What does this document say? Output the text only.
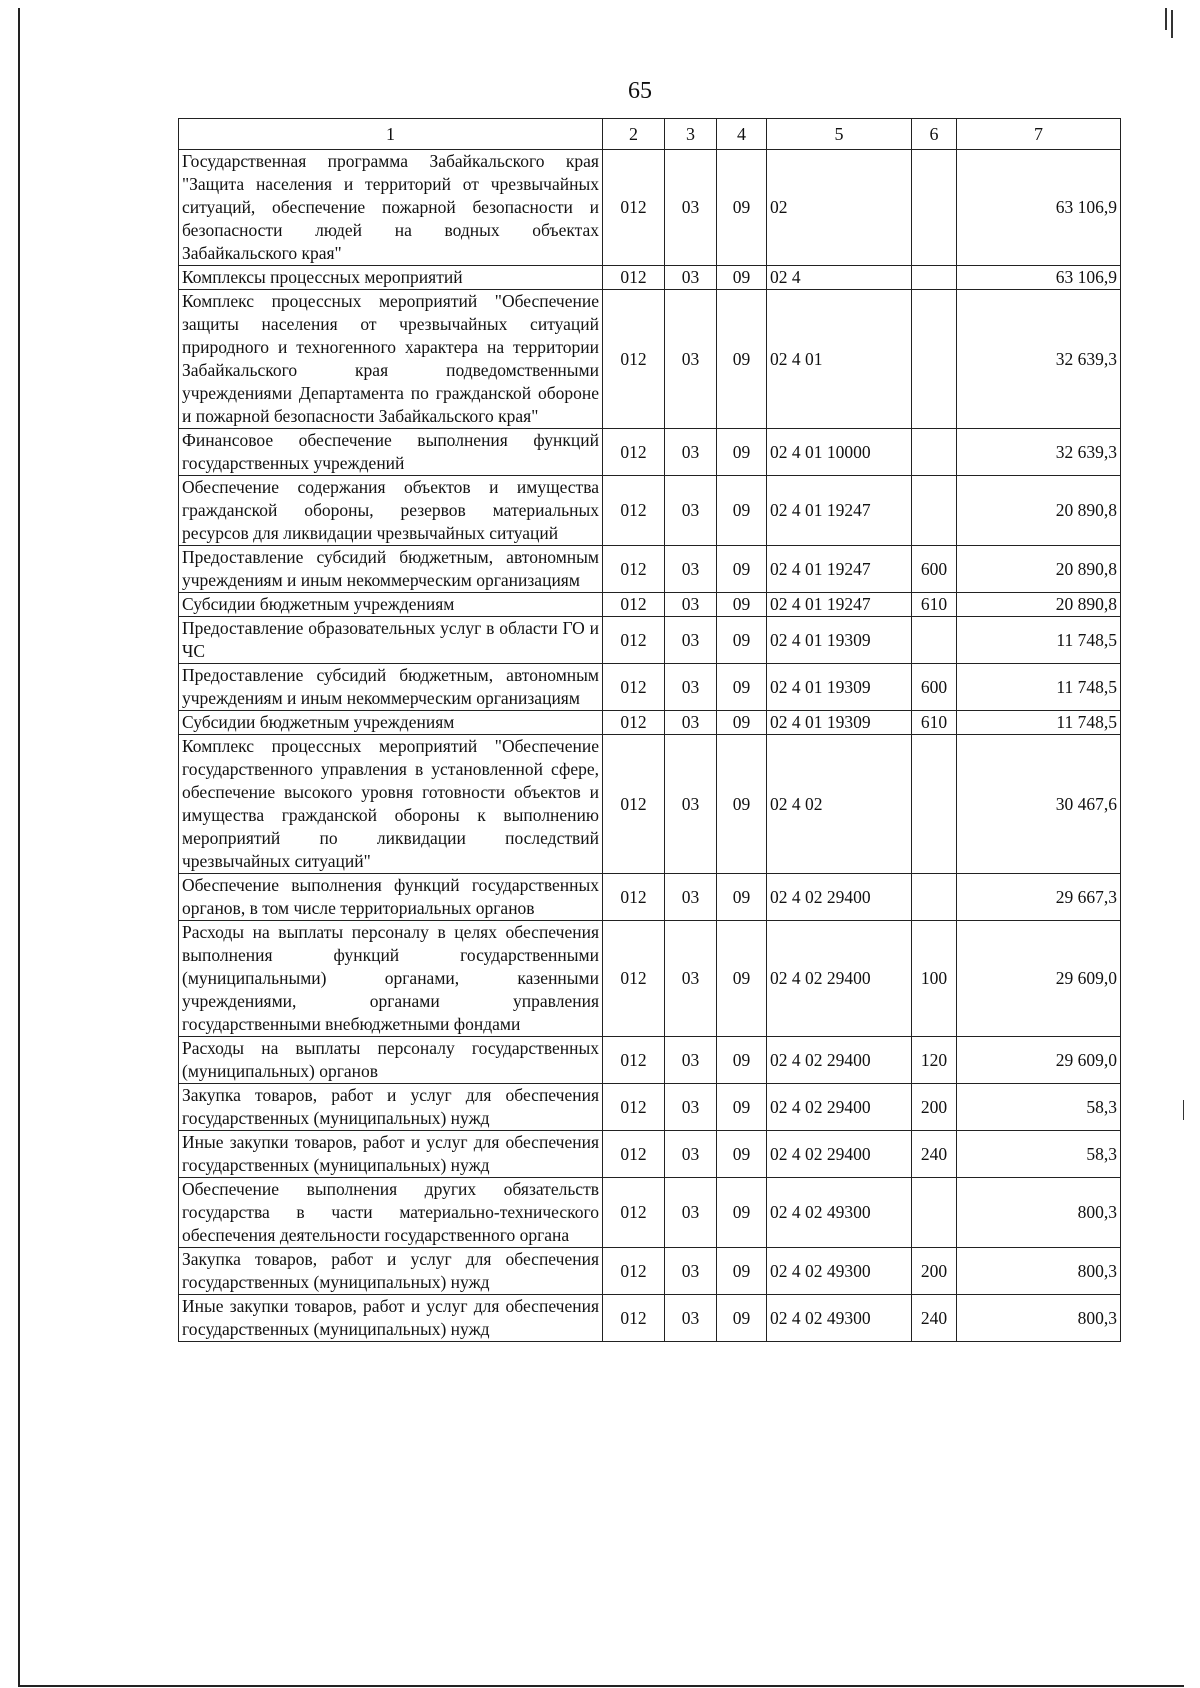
65
1	2	3	4	5	6	7
Государственная программа Забайкальского края "Защита населения и территорий от чрезвычайных ситуаций, обеспечение пожарной безопасности и безопасности людей на водных объектах Забайкальского края"	012	03	09	02		63 106,9
Комплексы процессных мероприятий	012	03	09	02 4		63 106,9
Комплекс процессных мероприятий "Обеспечение защиты населения от чрезвычайных ситуаций природного и техногенного характера на территории Забайкальского края подведомственными учреждениями Департамента по гражданской обороне и пожарной безопасности Забайкальского края"	012	03	09	02 4 01		32 639,3
Финансовое обеспечение выполнения функций государственных учреждений	012	03	09	02 4 01 10000		32 639,3
Обеспечение содержания объектов и имущества гражданской обороны, резервов материальных ресурсов для ликвидации чрезвычайных ситуаций	012	03	09	02 4 01 19247		20 890,8
Предоставление субсидий бюджетным, автономным учреждениям и иным некоммерческим организациям	012	03	09	02 4 01 19247	600	20 890,8
Субсидии бюджетным учреждениям	012	03	09	02 4 01 19247	610	20 890,8
Предоставление образовательных услуг в области ГО и ЧС	012	03	09	02 4 01 19309		11 748,5
Предоставление субсидий бюджетным, автономным учреждениям и иным некоммерческим организациям	012	03	09	02 4 01 19309	600	11 748,5
Субсидии бюджетным учреждениям	012	03	09	02 4 01 19309	610	11 748,5
Комплекс процессных мероприятий "Обеспечение государственного управления в установленной сфере, обеспечение высокого уровня готовности объектов и имущества гражданской обороны к выполнению мероприятий по ликвидации последствий чрезвычайных ситуаций"	012	03	09	02 4 02		30 467,6
Обеспечение выполнения функций государственных органов, в том числе территориальных органов	012	03	09	02 4 02 29400		29 667,3
Расходы на выплаты персоналу в целях обеспечения выполнения функций государственными (муниципальными) органами, казенными учреждениями, органами управления государственными внебюджетными фондами	012	03	09	02 4 02 29400	100	29 609,0
Расходы на выплаты персоналу государственных (муниципальных) органов	012	03	09	02 4 02 29400	120	29 609,0
Закупка товаров, работ и услуг для обеспечения государственных (муниципальных) нужд	012	03	09	02 4 02 29400	200	58,3
Иные закупки товаров, работ и услуг для обеспечения государственных (муниципальных) нужд	012	03	09	02 4 02 29400	240	58,3
Обеспечение выполнения других обязательств государства в части материально-технического обеспечения деятельности государственного органа	012	03	09	02 4 02 49300		800,3
Закупка товаров, работ и услуг для обеспечения государственных (муниципальных) нужд	012	03	09	02 4 02 49300	200	800,3
Иные закупки товаров, работ и услуг для обеспечения государственных (муниципальных) нужд	012	03	09	02 4 02 49300	240	800,3
